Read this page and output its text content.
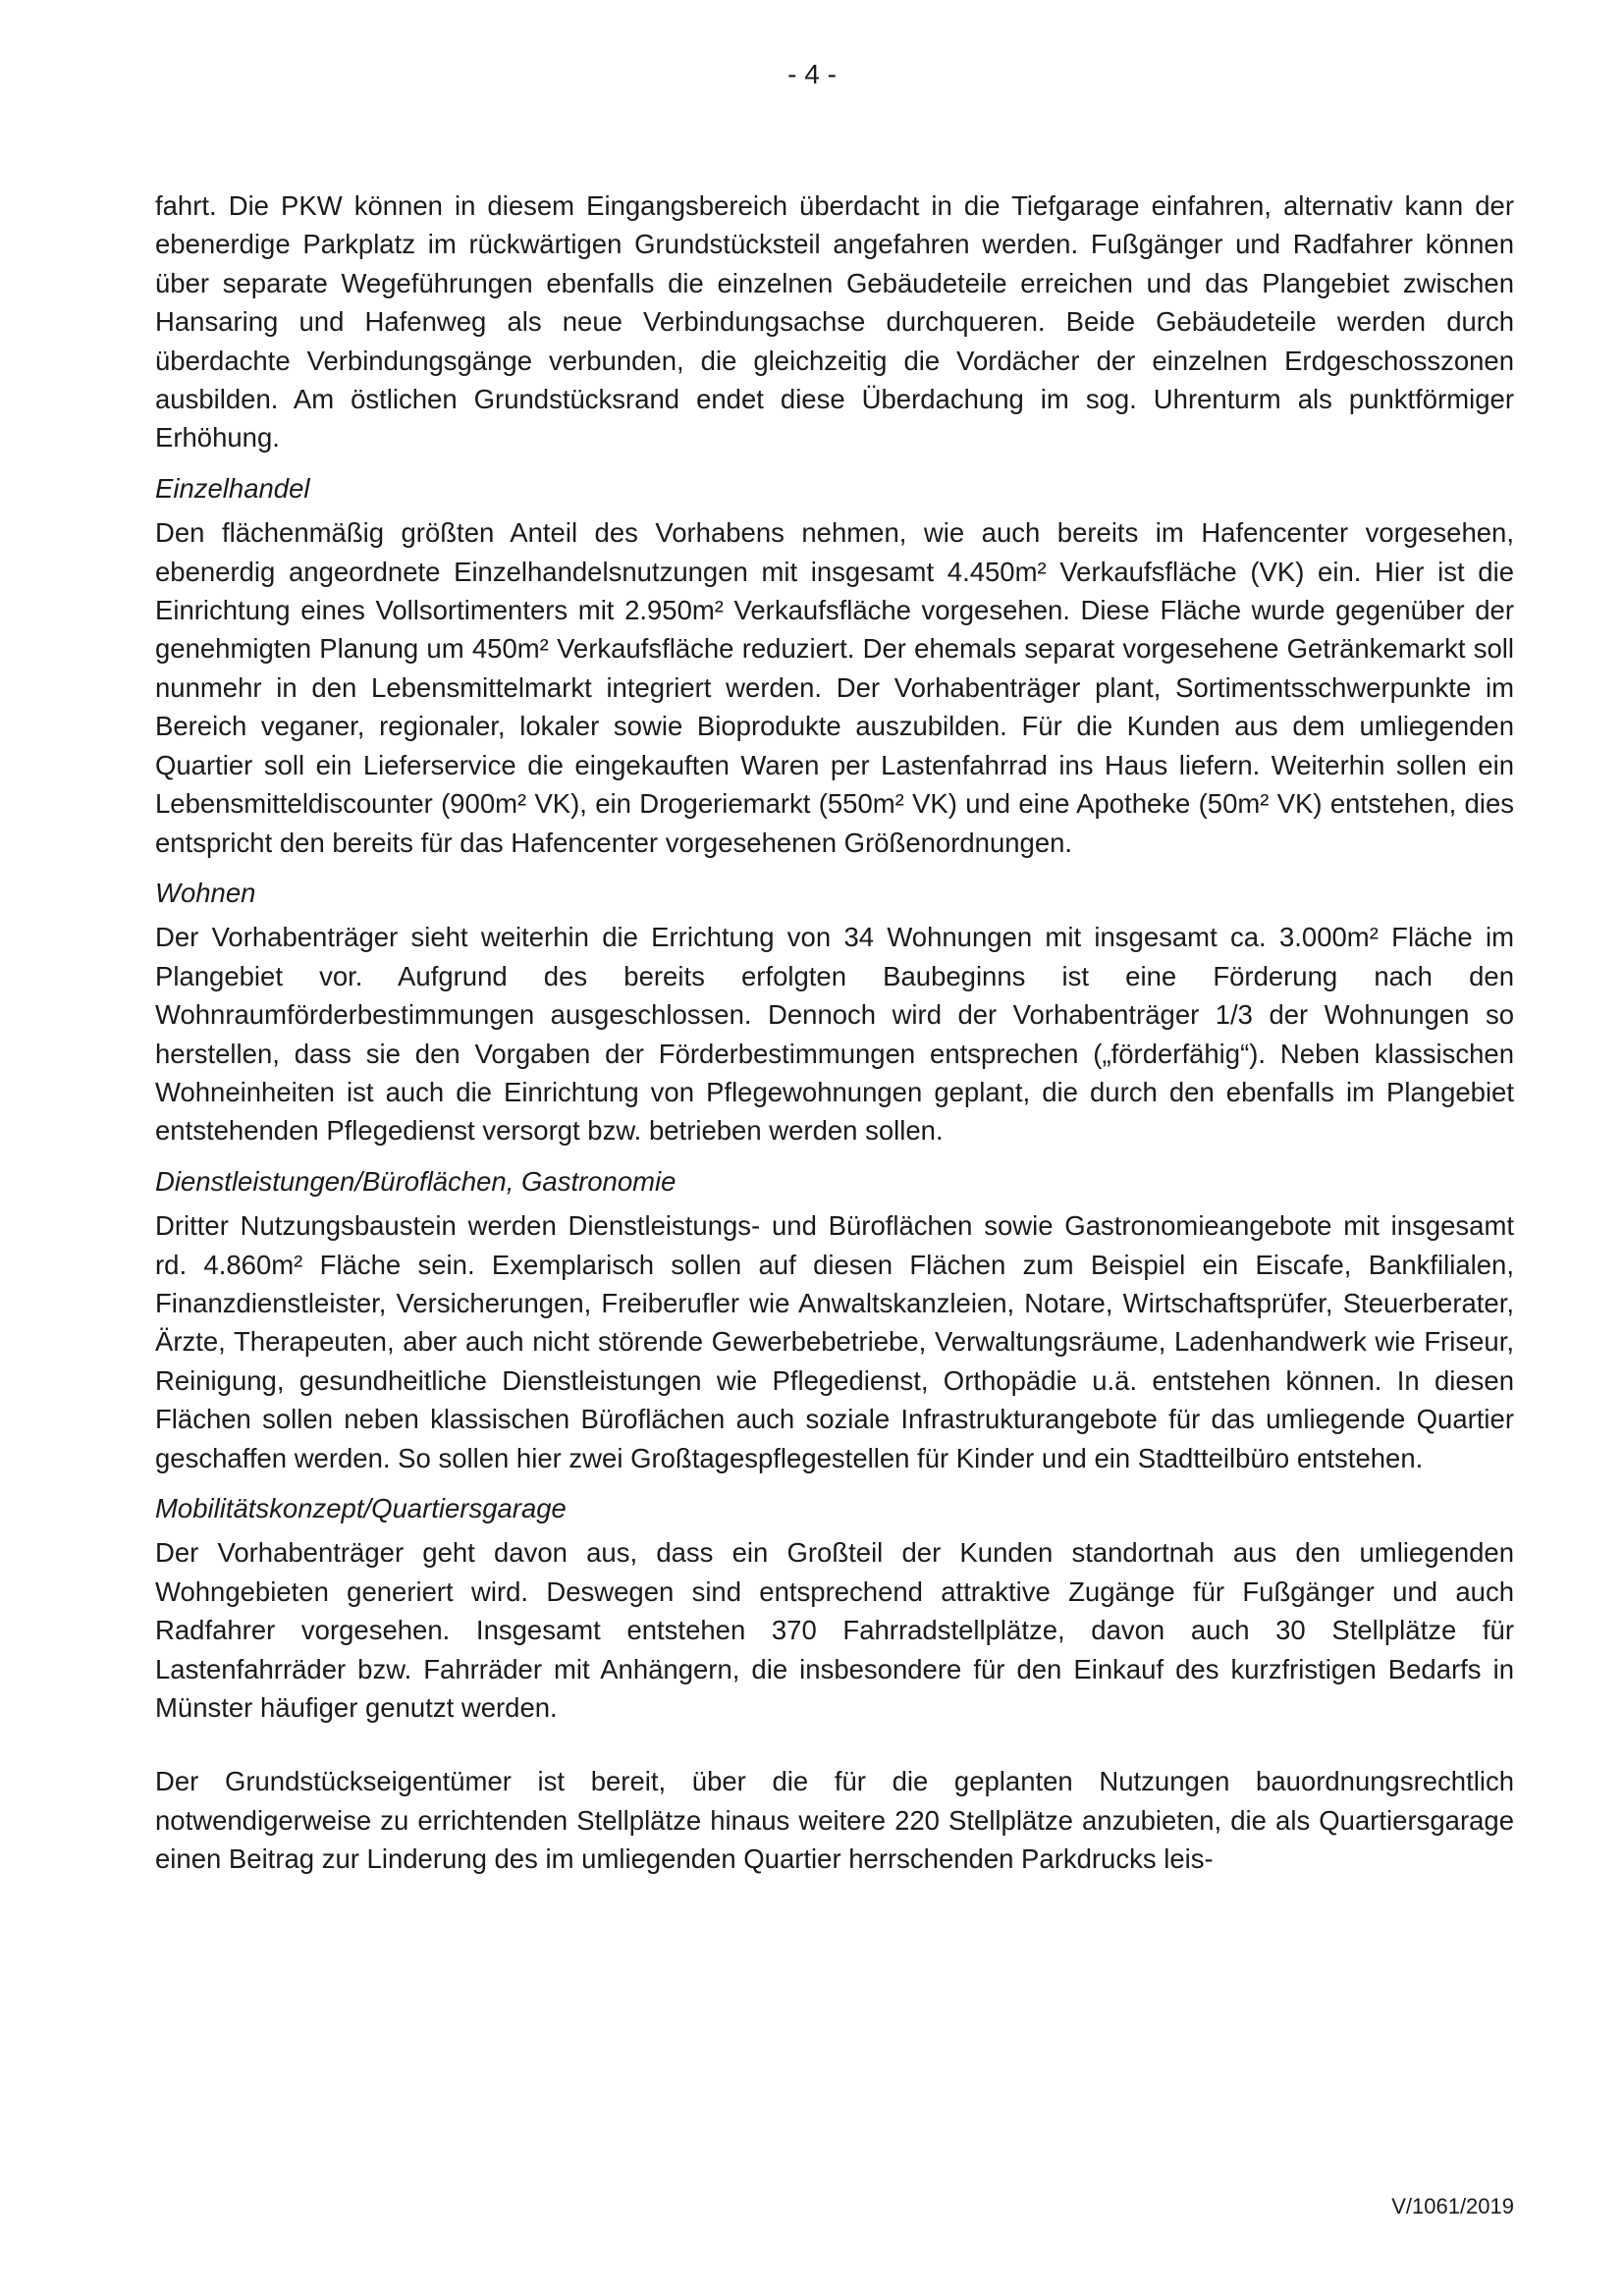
- 4 -

fahrt. Die PKW können in diesem Eingangsbereich überdacht in die Tiefgarage einfahren, alternativ kann der ebenerdige Parkplatz im rückwärtigen Grundstücksteil angefahren werden. Fußgänger und Radfahrer können über separate Wegeführungen ebenfalls die einzelnen Gebäudeteile erreichen und das Plangebiet zwischen Hansaring und Hafenweg als neue Verbindungsachse durchqueren. Beide Gebäudeteile werden durch überdachte Verbindungsgänge verbunden, die gleichzeitig die Vordächer der einzelnen Erdgeschosszonen ausbilden. Am östlichen Grundstücksrand endet diese Überdachung im sog. Uhrenturm als punktförmiger Erhöhung.

Einzelhandel

Den flächenmäßig größten Anteil des Vorhabens nehmen, wie auch bereits im Hafencenter vorgesehen, ebenerdig angeordnete Einzelhandelsnutzungen mit insgesamt 4.450m² Verkaufsfläche (VK) ein. Hier ist die Einrichtung eines Vollsortimenters mit 2.950m² Verkaufsfläche vorgesehen. Diese Fläche wurde gegenüber der genehmigten Planung um 450m² Verkaufsfläche reduziert. Der ehemals separat vorgesehene Getränkemarkt soll nunmehr in den Lebensmittelmarkt integriert werden. Der Vorhabenträger plant, Sortimentsschwerpunkte im Bereich veganer, regionaler, lokaler sowie Bioprodukte auszubilden. Für die Kunden aus dem umliegenden Quartier soll ein Lieferservice die eingekauften Waren per Lastenfahrrad ins Haus liefern. Weiterhin sollen ein Lebensmitteldiscounter (900m² VK), ein Drogeriemarkt (550m² VK) und eine Apotheke (50m² VK) entstehen, dies entspricht den bereits für das Hafencenter vorgesehenen Größenordnungen.

Wohnen

Der Vorhabenträger sieht weiterhin die Errichtung von 34 Wohnungen mit insgesamt ca. 3.000m² Fläche im Plangebiet vor. Aufgrund des bereits erfolgten Baubeginns ist eine Förderung nach den Wohnraumförderbestimmungen ausgeschlossen. Dennoch wird der Vorhabenträger 1/3 der Wohnungen so herstellen, dass sie den Vorgaben der Förderbestimmungen entsprechen („förderfähig“). Neben klassischen Wohneinheiten ist auch die Einrichtung von Pflegewohnungen geplant, die durch den ebenfalls im Plangebiet entstehenden Pflegedienst versorgt bzw. betrieben werden sollen.

Dienstleistungen/Büroflächen, Gastronomie

Dritter Nutzungsbaustein werden Dienstleistungs- und Büroflächen sowie Gastronomieangebote mit insgesamt rd. 4.860m² Fläche sein. Exemplarisch sollen auf diesen Flächen zum Beispiel ein Eiscafe, Bankfilialen, Finanzdienstleister, Versicherungen, Freiberufler wie Anwaltskanzleien, Notare, Wirtschaftsprüfer, Steuerberater, Ärzte, Therapeuten, aber auch nicht störende Gewerbebetriebe, Verwaltungsräume, Ladenhandwerk wie Friseur, Reinigung, gesundheitliche Dienstleistungen wie Pflegedienst, Orthopädie u.ä. entstehen können. In diesen Flächen sollen neben klassischen Büroflächen auch soziale Infrastrukturangebote für das umliegende Quartier geschaffen werden. So sollen hier zwei Großtagespflegestellen für Kinder und ein Stadtteilbüro entstehen.

Mobilitätskonzept/Quartiersgarage

Der Vorhabenträger geht davon aus, dass ein Großteil der Kunden standortnah aus den umliegenden Wohngebieten generiert wird. Deswegen sind entsprechend attraktive Zugänge für Fußgänger und auch Radfahrer vorgesehen. Insgesamt entstehen 370 Fahrradstellplätze, davon auch 30 Stellplätze für Lastenfahrräder bzw. Fahrräder mit Anhängern, die insbesondere für den Einkauf des kurzfristigen Bedarfs in Münster häufiger genutzt werden.

Der Grundstückseigentümer ist bereit, über die für die geplanten Nutzungen bauordnungsrechtlich notwendigerweise zu errichtenden Stellplätze hinaus weitere 220 Stellplätze anzubieten, die als Quartiersgarage einen Beitrag zur Linderung des im umliegenden Quartier herrschenden Parkdrucks leis-

V/1061/2019
